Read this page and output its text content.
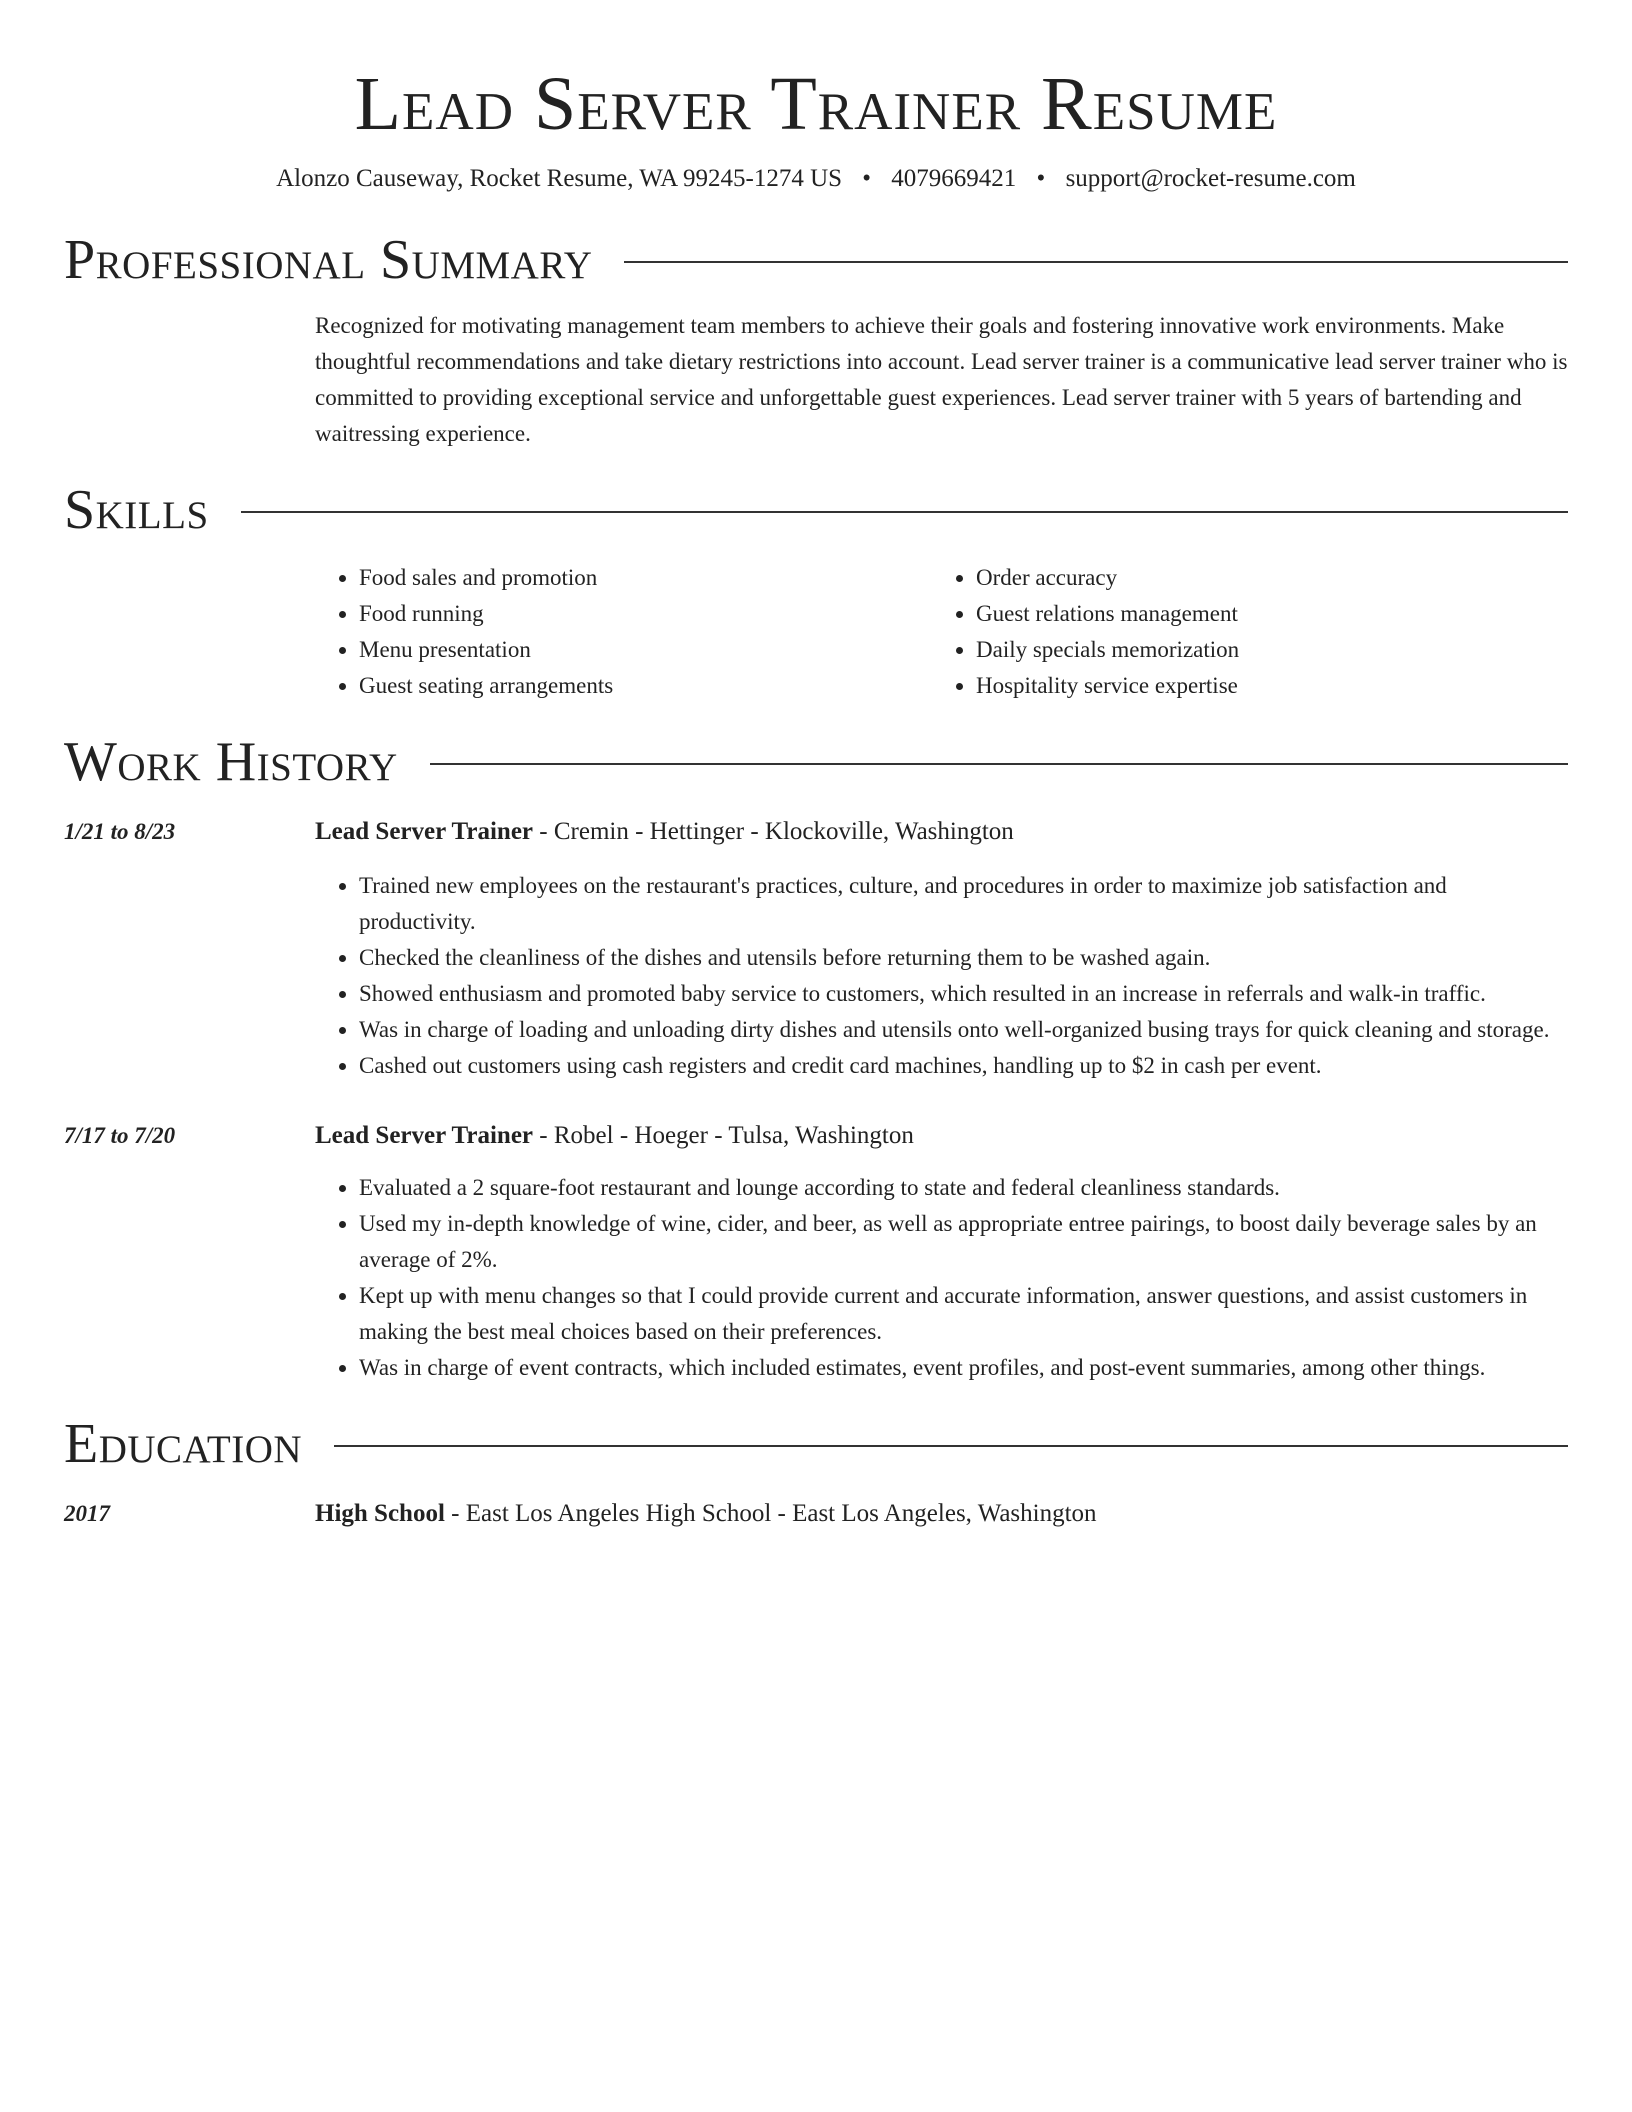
Lead Server Trainer Resume
Alonzo Causeway, Rocket Resume, WA 99245-1274 US • 4079669421 • support@rocket-resume.com
Professional Summary

Recognized for motivating management team members to achieve their goals and fostering innovative work environments. Make thoughtful recommendations and take dietary restrictions into account. Lead server trainer is a communicative lead server trainer who is committed to providing exceptional service and unforgettable guest experiences. Lead server trainer with 5 years of bartending and waitressing experience.

Skills
• Food sales and promotion
• Food running
• Menu presentation
• Guest seating arrangements
• Order accuracy
• Guest relations management
• Daily specials memorization
• Hospitality service expertise
Work History
1/21 to 8/23	Lead Server Trainer - Cremin - Hettinger - Klockoville, Washington
• Trained new employees on the restaurant's practices, culture, and procedures in order to maximize job satisfaction and productivity.
• Checked the cleanliness of the dishes and utensils before returning them to be washed again.
• Showed enthusiasm and promoted baby service to customers, which resulted in an increase in referrals and walk-in traffic.
• Was in charge of loading and unloading dirty dishes and utensils onto well-organized busing trays for quick cleaning and storage.
• Cashed out customers using cash registers and credit card machines, handling up to $2 in cash per event.
7/17 to 7/20	Lead Server Trainer - Robel - Hoeger - Tulsa, Washington
• Evaluated a 2 square-foot restaurant and lounge according to state and federal cleanliness standards.
• Used my in-depth knowledge of wine, cider, and beer, as well as appropriate entree pairings, to boost daily beverage sales by an average of 2%.
• Kept up with menu changes so that I could provide current and accurate information, answer questions, and assist customers in making the best meal choices based on their preferences.
• Was in charge of event contracts, which included estimates, event profiles, and post-event summaries, among other things.
Education
2017	High School - East Los Angeles High School - East Los Angeles, Washington
